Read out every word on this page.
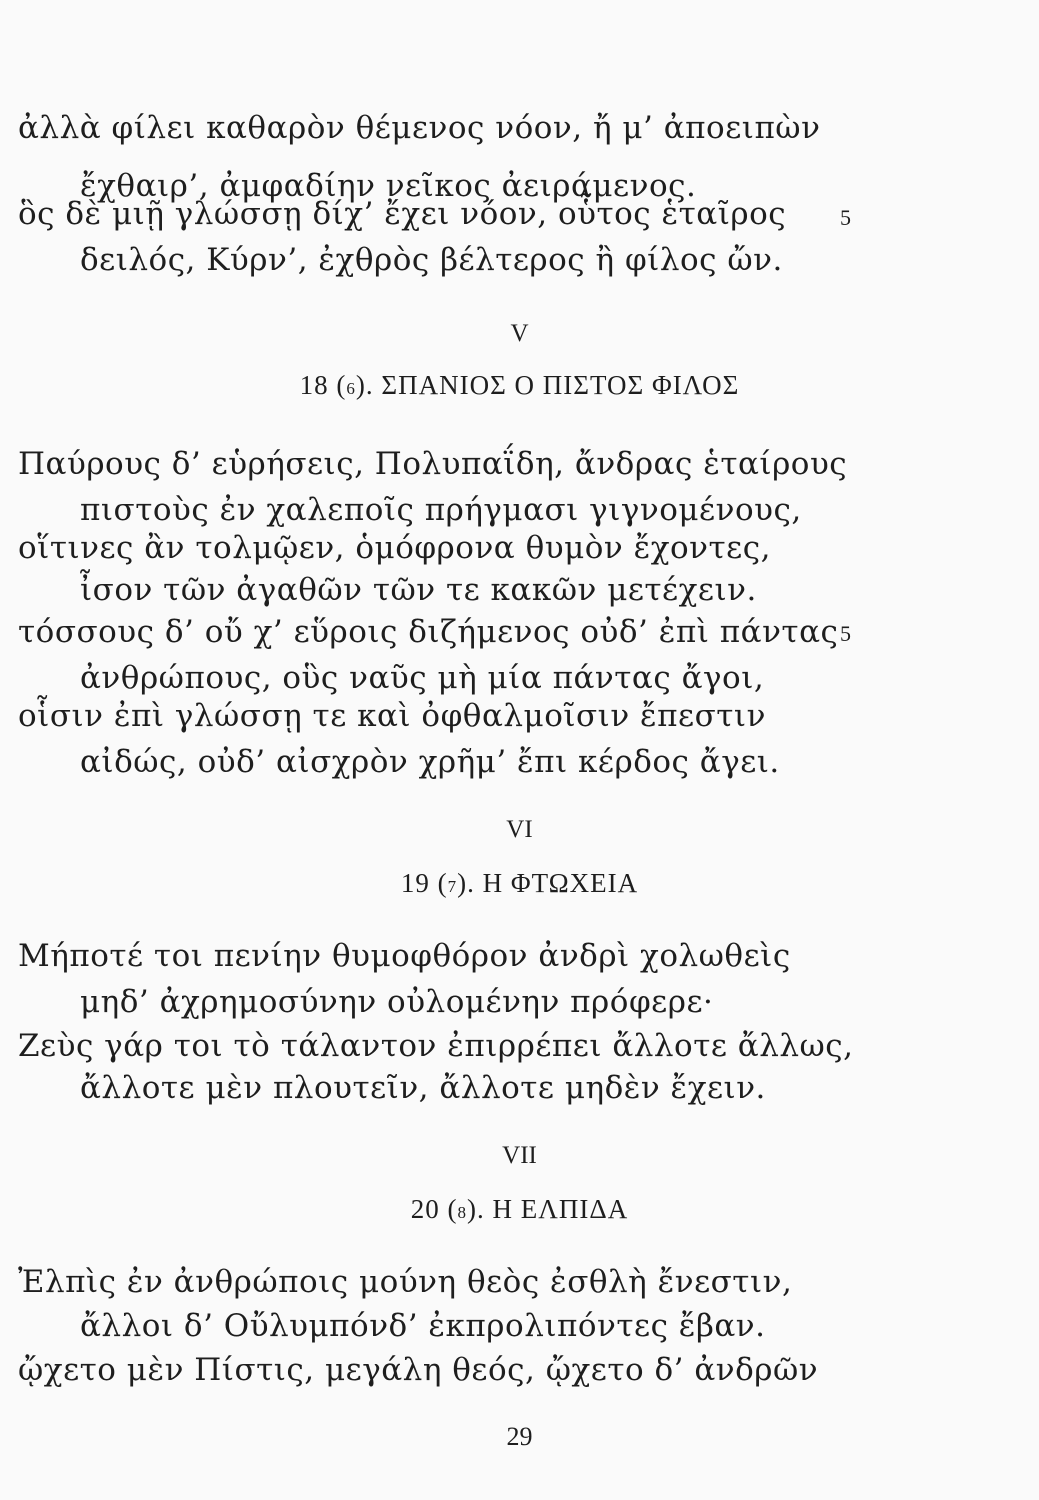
ἀλλὰ φίλει καθαρὸν θέμενος νόον, ἤ μ’ ἀποειπὼν
ἔχθαιρ’, ἀμφαδίην νεῖκος ἀειράμενος.
ὃς δὲ μιῇ γλώσσῃ δίχ’ ἔχει νόον, οὗτος ἑταῖρος 5
δειλός, Κύρν’, ἐχθρὸς βέλτερος ἢ φίλος ὤν.
V
18 (6). ΣΠΑΝΙΟΣ Ο ΠΙΣΤΟΣ ΦΙΛΟΣ
Παύρους δ’ εὑρήσεις, Πολυπαΐδη, ἄνδρας ἑταίρους
πιστοὺς ἐν χαλεποῖς πρήγμασι γιγνομένους,
οἵτινες ἂν τολμῷεν, ὁμόφρονα θυμὸν ἔχοντες,
ἶσον τῶν ἀγαθῶν τῶν τε κακῶν μετέχειν.
τόσσους δ’ οὔ χ’ εὕροις διζήμενος οὐδ’ ἐπὶ πάντας 5
ἀνθρώπους, οὓς ναῦς μὴ μία πάντας ἄγοι,
οἷσιν ἐπὶ γλώσσῃ τε καὶ ὀφθαλμοῖσιν ἔπεστιν
αἰδώς, οὐδ’ αἰσχρὸν χρῆμ’ ἔπι κέρδος ἄγει.
VI
19 (7). Η ΦΤΩΧΕΙΑ
Μήποτέ τοι πενίην θυμοφθόρον ἀνδρὶ χολωθεὶς
μηδ’ ἀχρημοσύνην οὐλομένην πρόφερε·
Ζεὺς γάρ τοι τὸ τάλαντον ἐπιρρέπει ἄλλοτε ἄλλως,
ἄλλοτε μὲν πλουτεῖν, ἄλλοτε μηδὲν ἔχειν.
VII
20 (8). Η ΕΛΠΙΔΑ
Ἐλπὶς ἐν ἀνθρώποις μούνη θεὸς ἐσθλὴ ἔνεστιν,
ἄλλοι δ’ Οὔλυμπόνδ’ ἐκπρολιπόντες ἔβαν.
ᾤχετο μὲν Πίστις, μεγάλη θεός, ᾤχετο δ’ ἀνδρῶν
29
